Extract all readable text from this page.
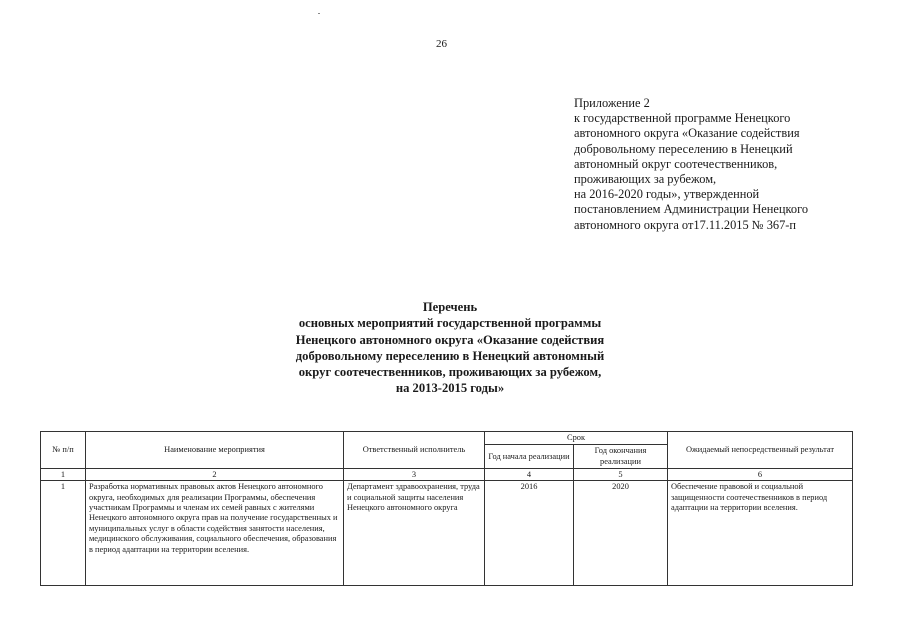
26
Приложение 2
к государственной программе Ненецкого
автономного округа «Оказание содействия
добровольному переселению в Ненецкий
автономный округ соотечественников,
проживающих за рубежом,
на 2016-2020 годы», утвержденной
постановлением Администрации Ненецкого
автономного округа от17.11.2015 № 367-п
Перечень
основных мероприятий государственной программы
Ненецкого автономного округа «Оказание содействия
добровольному переселению в Ненецкий автономный
округ соотечественников, проживающих за рубежом,
на 2013-2015 годы»
№ п/п	Наименование мероприятия	Ответственный исполнитель	Срок		Ожидаемый непосредственный результат
			Год начала реализации	Год окончания реализации	
1	2	3	4	5	6
1	Разработка нормативных правовых актов Ненецкого автономного округа, необходимых для реализации Программы, обеспечения участникам Программы и членам их семей равных с жителями Ненецкого автономного округа прав на получение государственных и муниципальных услуг в области содействия занятости населения, медицинского обслуживания, социального обеспечения, образования в период адаптации на территории вселения.	Департамент здравоохранения, труда и социальной защиты населения Ненецкого автономного округа	2016	2020	Обеспечение правовой и социальной защищенности соотечественников в период адаптации на территории вселения.
